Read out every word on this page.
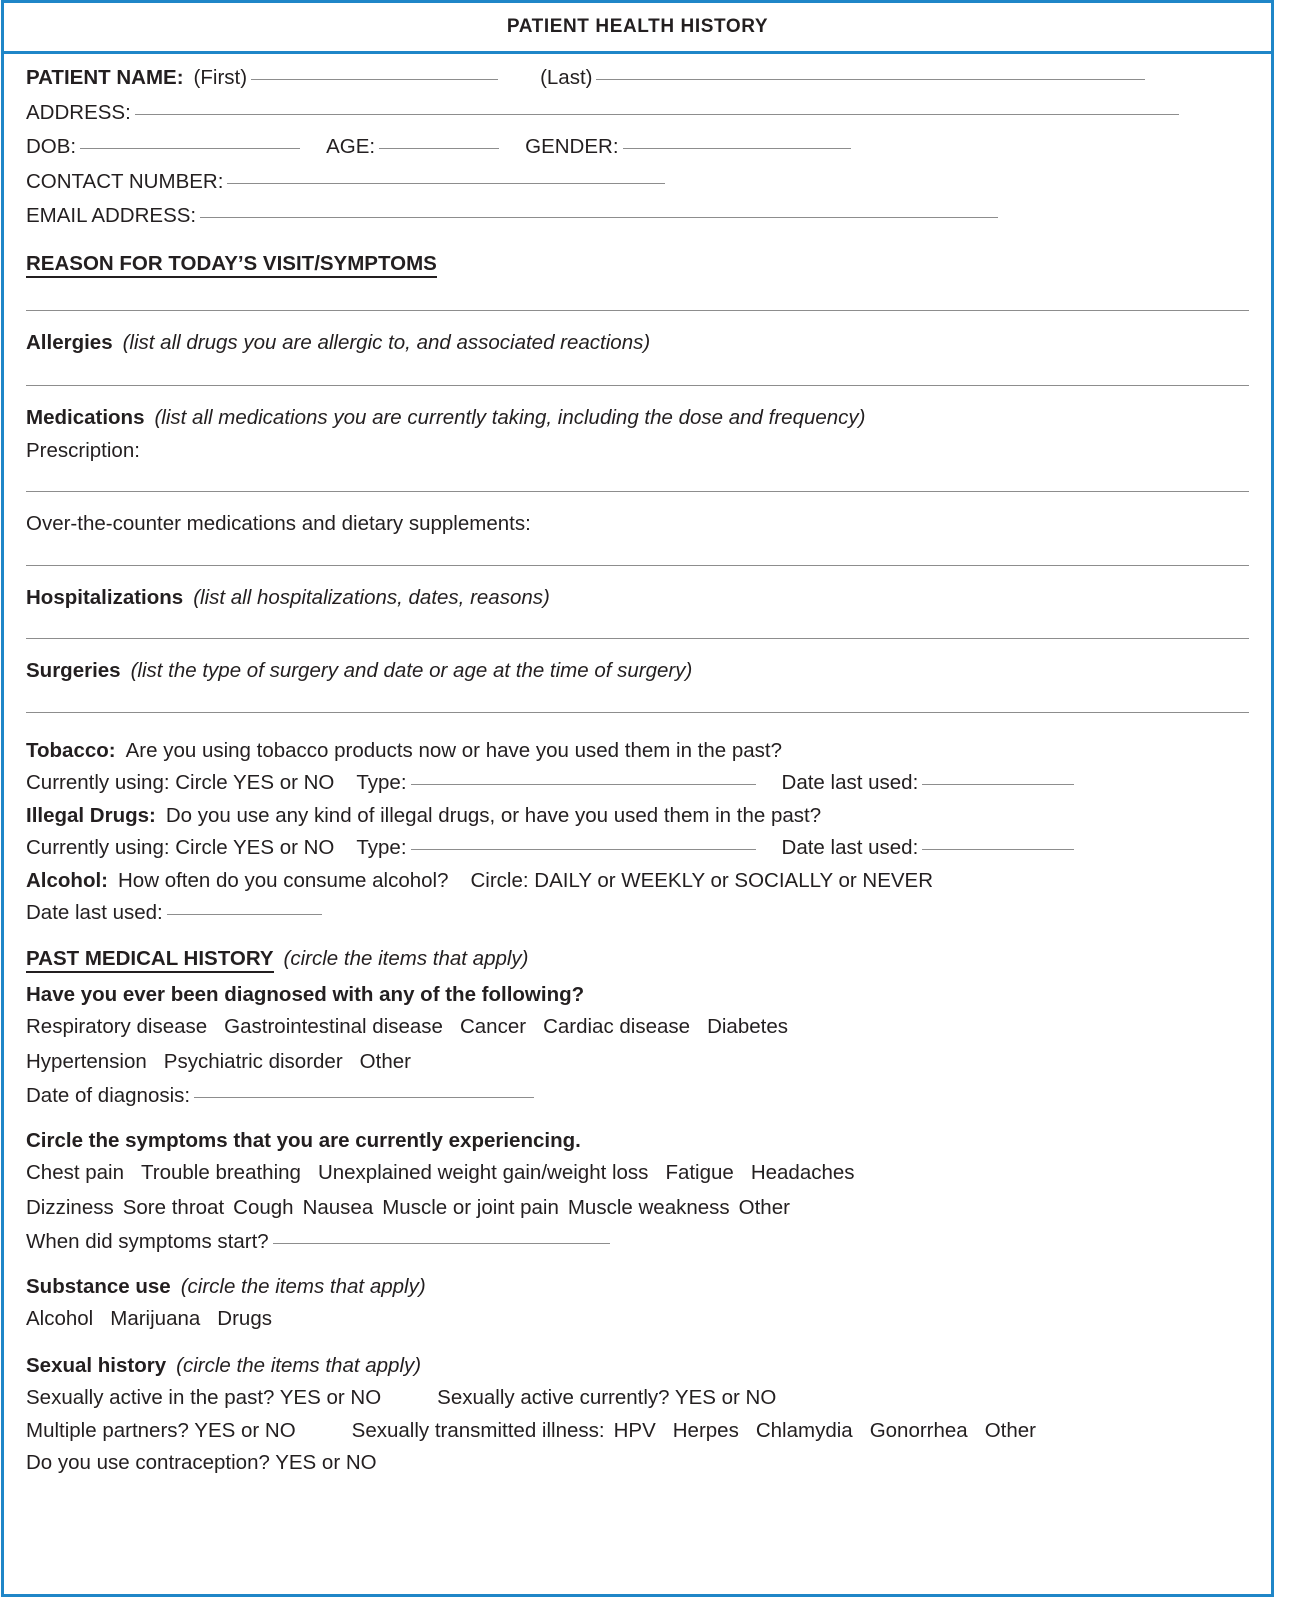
PATIENT HEALTH HISTORY
PATIENT NAME: (First)	(Last)
ADDRESS:
DOB:	AGE:	GENDER:
CONTACT NUMBER:
EMAIL ADDRESS:
REASON FOR TODAY’S VISIT/SYMPTOMS
Allergies (list all drugs you are allergic to, and associated reactions)
Medications (list all medications you are currently taking, including the dose and frequency)
Prescription:
Over-the-counter medications and dietary supplements:
Hospitalizations (list all hospitalizations, dates, reasons)
Surgeries (list the type of surgery and date or age at the time of surgery)
Tobacco: Are you using tobacco products now or have you used them in the past?
Currently using: Circle YES or NO Type:	Date last used:
Illegal Drugs: Do you use any kind of illegal drugs, or have you used them in the past?
Currently using: Circle YES or NO Type:	Date last used:
Alcohol: How often do you consume alcohol? Circle: DAILY or WEEKLY or SOCIALLY or NEVER
Date last used:
PAST MEDICAL HISTORY (circle the items that apply)
Have you ever been diagnosed with any of the following?
Respiratory disease Gastrointestinal disease Cancer Cardiac disease Diabetes
Hypertension Psychiatric disorder Other
Date of diagnosis:
Circle the symptoms that you are currently experiencing.
Chest pain Trouble breathing Unexplained weight gain/weight loss Fatigue Headaches
Dizziness Sore throat Cough Nausea Muscle or joint pain Muscle weakness Other
When did symptoms start?
Substance use (circle the items that apply)
Alcohol Marijuana Drugs
Sexual history (circle the items that apply)
Sexually active in the past? YES or NO	Sexually active currently? YES or NO
Multiple partners? YES or NO	Sexually transmitted illness: HPV Herpes Chlamydia Gonorrhea Other
Do you use contraception? YES or NO
